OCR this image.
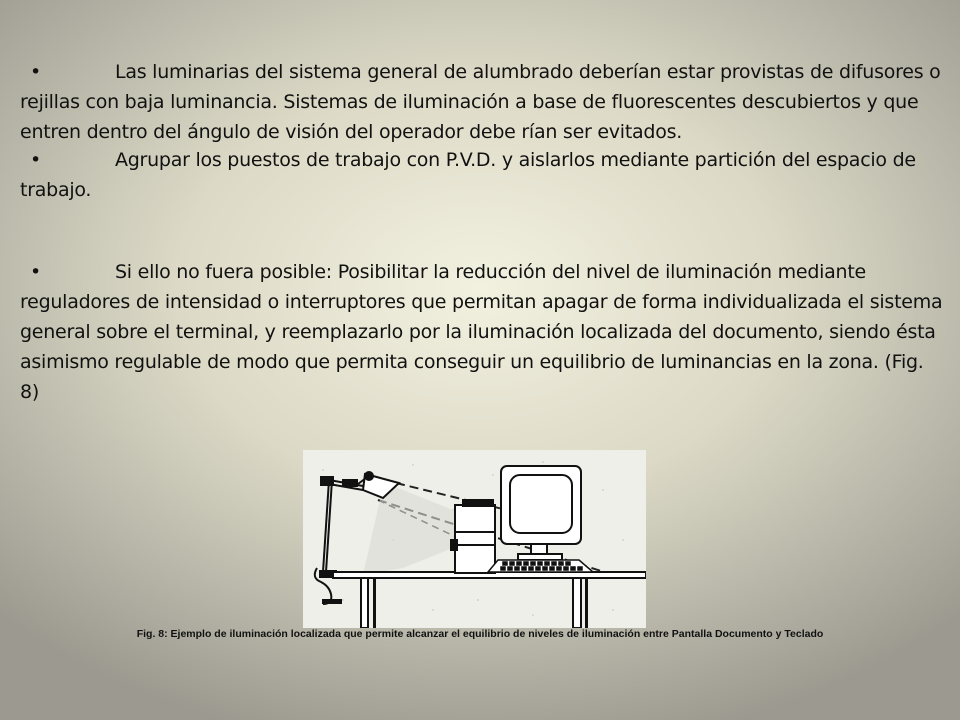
•	Las luminarias del sistema general de alumbrado deberían estar provistas de difusores o rejillas con baja luminancia. Sistemas de iluminación a base de fluorescentes descubiertos y que entren dentro del ángulo de visión del operador debe rían ser evitados.

•	Agrupar los puestos de trabajo con P.V.D. y aislarlos mediante partición del espacio de trabajo.

•	Si ello no fuera posible: Posibilitar la reducción del nivel de iluminación mediante reguladores de intensidad o interruptores que permitan apagar de forma individualizada el sistema general sobre el terminal, y reemplazarlo por la iluminación localizada del documento, siendo ésta asimismo regulable de modo que permita conseguir un equilibrio de luminancias en la zona. (Fig. 8)

Fig. 8: Ejemplo de iluminación localizada que permite alcanzar el equilibrio de niveles de iluminación entre Pantalla Documento y Teclado
